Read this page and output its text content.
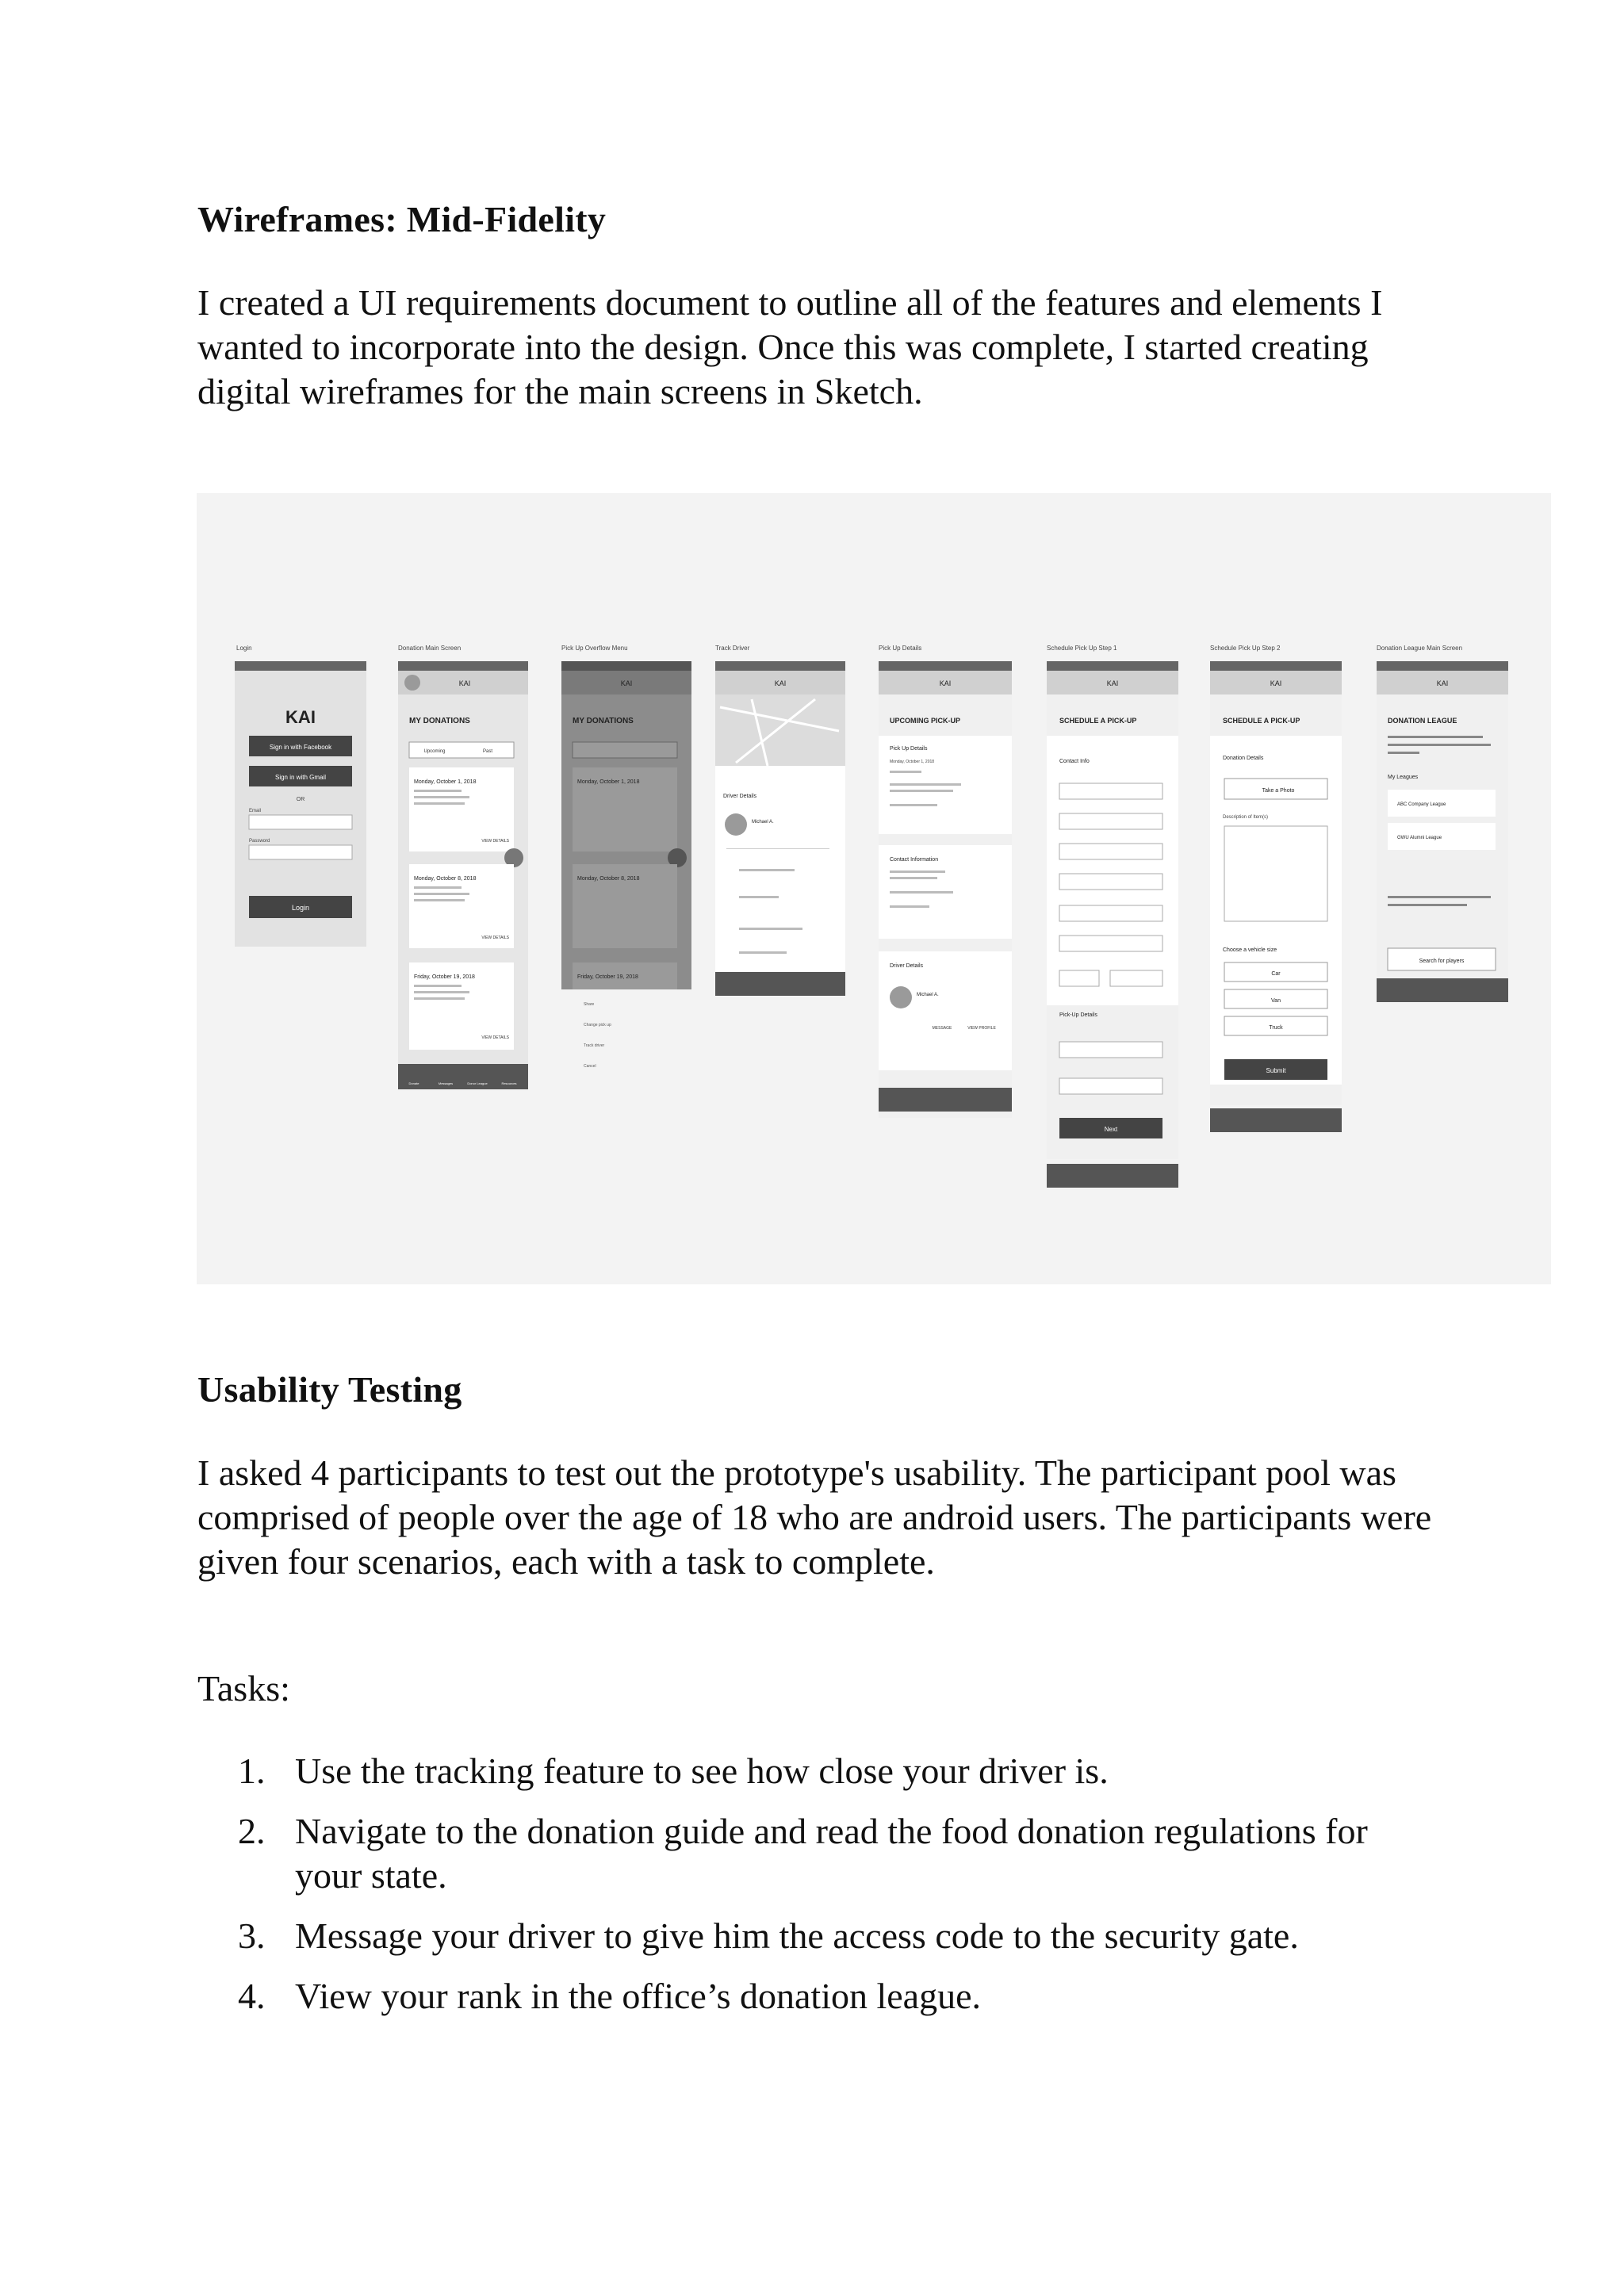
Wireframes: Mid-Fidelity

I created a UI requirements document to outline all of the features and elements I wanted to incorporate into the design. Once this was complete, I started creating digital wireframes for the main screens in Sketch.

Login	Donation Main Screen	Pick Up Overflow Menu	Track Driver	Pick Up Details	Schedule Pick Up Step 1	Schedule Pick Up Step 2	Donation League Main Screen
KAI
Sign in with Facebook
Sign in with Gmail
OR
Email
Password
Login
KAI
MY DONATIONS
Upcoming	Past
Monday, October 1, 2018
VIEW DETAILS
Monday, October 8, 2018
VIEW DETAILS
Friday, October 19, 2018
VIEW DETAILS
Donate	Messages	Donor League	Resources
KAI
MY DONATIONS
Monday, October 1, 2018
Monday, October 8, 2018
Friday, October 19, 2018
Share
Change pick up
Track driver
Cancel
KAI
Driver Details
Michael A.
KAI
UPCOMING PICK-UP
Pick Up Details
Monday, October 1, 2018
Contact Information
Driver Details
Michael A.
MESSAGE	VIEW PROFILE
KAI
SCHEDULE A PICK-UP
Contact Info
Pick-Up Details
Next
KAI
SCHEDULE A PICK-UP
Donation Details
Take a Photo
Description of Item(s)
Choose a vehicle size
Car
Van
Truck
Submit
KAI
DONATION LEAGUE
My Leagues
ABC Company League
GWU Alumni League
Search for players
Usability Testing

I asked 4 participants to test out the prototype's usability. The participant pool was comprised of people over the age of 18 who are android users. The participants were given four scenarios, each with a task to complete.

Tasks:

1. Use the tracking feature to see how close your driver is.
2. Navigate to the donation guide and read the food donation regulations for your state.
3. Message your driver to give him the access code to the security gate.
4. View your rank in the office’s donation league.
